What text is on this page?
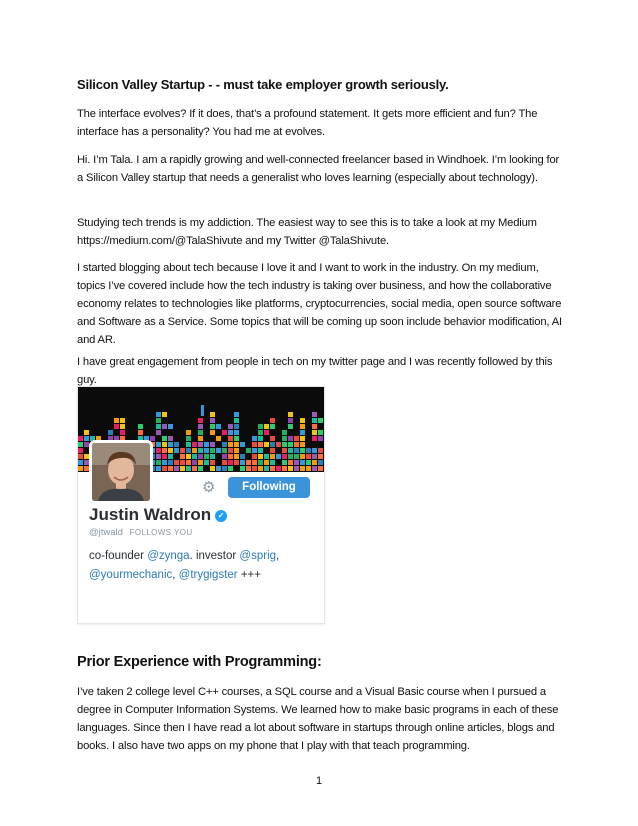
Silicon Valley Startup - - must take employer growth seriously.

The interface evolves? If it does, that’s a profound statement. It gets more efficient and fun? The interface has a personality? You had me at evolves.

Hi. I’m Tala. I am a rapidly growing and well-connected freelancer based in Windhoek. I’m looking for a Silicon Valley startup that needs a generalist who loves learning (especially about technology).

Studying tech trends is my addiction. The easiest way to see this is to take a look at my Medium https://medium.com/@TalaShivute and my Twitter @TalaShivute.

I started blogging about tech because I love it and I want to work in the industry. On my medium, topics I’ve covered include how the tech industry is taking over business, and how the collaborative economy relates to technologies like platforms, cryptocurrencies, social media, open source software and Software as a Service. Some topics that will be coming up soon include behavior modification, AI and AR.

I have great engagement from people in tech on my twitter page and I was recently followed by this guy.

⚙	Following
Justin Waldron ✓
@jtwald FOLLOWS YOU
co-founder @zynga. investor @sprig,
@yourmechanic, @trygigster +++
Prior Experience with Programming:

I’ve taken 2 college level C++ courses, a SQL course and a Visual Basic course when I pursued a degree in Computer Information Systems. We learned how to make basic programs in each of these languages. Since then I have read a lot about software in startups through online articles, blogs and books. I also have two apps on my phone that I play with that teach programming.

1
